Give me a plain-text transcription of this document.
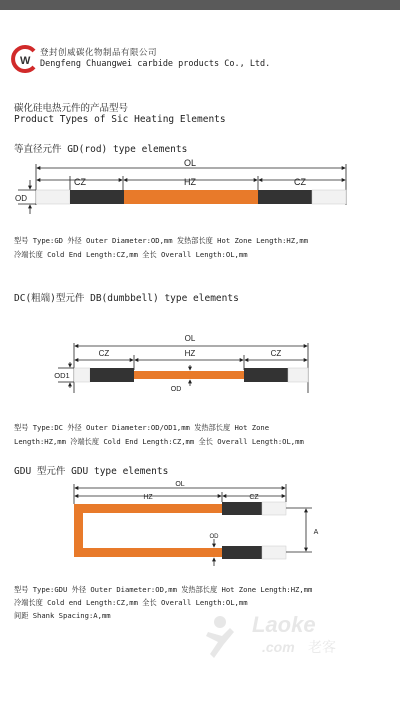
W
登封创威碳化物制品有限公司
Dengfeng Chuangwei carbide products Co., Ltd.
碳化硅电热元件的产品型号
Product Types of Sic Heating Elements
等直径元件 GD(rod) type elements
OL
CZ	HZ	CZ
OD
OL
CZ	HZ	CZ
OD1
OD
OL
HZ	CZ
OD
A
型号 Type:GD 外径 Outer Diameter:OD,mm 发热部长度 Hot Zone Length:HZ,mm
冷端长度 Cold End Length:CZ,mm 全长 Overall Length:OL,mm
DC(粗端)型元件 DB(dumbbell) type elements
型号 Type:DC 外径 Outer Diameter:OD/OD1,mm 发热部长度 Hot Zone
Length:HZ,mm 冷端长度 Cold End Length:CZ,mm 全长 Overall Length:OL,mm
GDU 型元件 GDU type elements
型号 Type:GDU 外径 Outer Diameter:OD,mm 发热部长度 Hot Zone Length:HZ,mm
冷端长度 Cold end Length:CZ,mm 全长 Overall Length:OL,mm
间距 Shank Spacing:A,mm	Laoke
.com 老客
